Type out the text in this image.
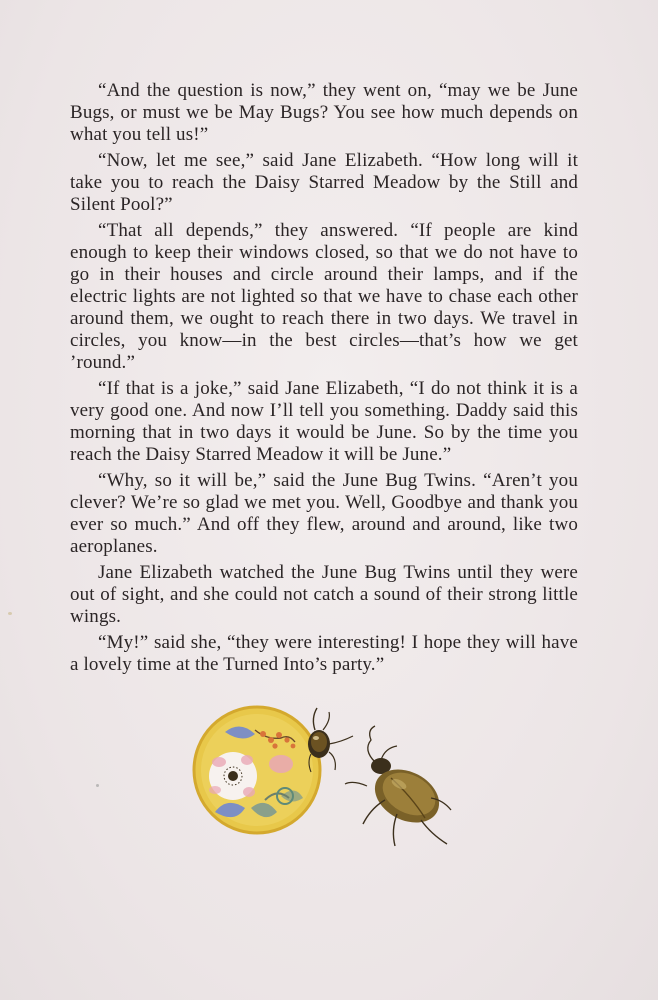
“And the question is now,” they went on, “may we be June Bugs, or must we be May Bugs? You see how much depends on what you tell us!”

“Now, let me see,” said Jane Elizabeth. “How long will it take you to reach the Daisy Starred Meadow by the Still and Silent Pool?”

“That all depends,” they answered. “If people are kind enough to keep their windows closed, so that we do not have to go in their houses and circle around their lamps, and if the electric lights are not lighted so that we have to chase each other around them, we ought to reach there in two days. We travel in circles, you know—in the best circles—that’s how we get ’round.”

“If that is a joke,” said Jane Elizabeth, “I do not think it is a very good one. And now I’ll tell you something. Daddy said this morning that in two days it would be June. So by the time you reach the Daisy Starred Meadow it will be June.”

“Why, so it will be,” said the June Bug Twins. “Aren’t you clever? We’re so glad we met you. Well, Goodbye and thank you ever so much.” And off they flew, around and around, like two aeroplanes.

Jane Elizabeth watched the June Bug Twins until they were out of sight, and she could not catch a sound of their strong little wings.

“My!” said she, “they were interesting! I hope they will have a lovely time at the Turned Into’s party.”
